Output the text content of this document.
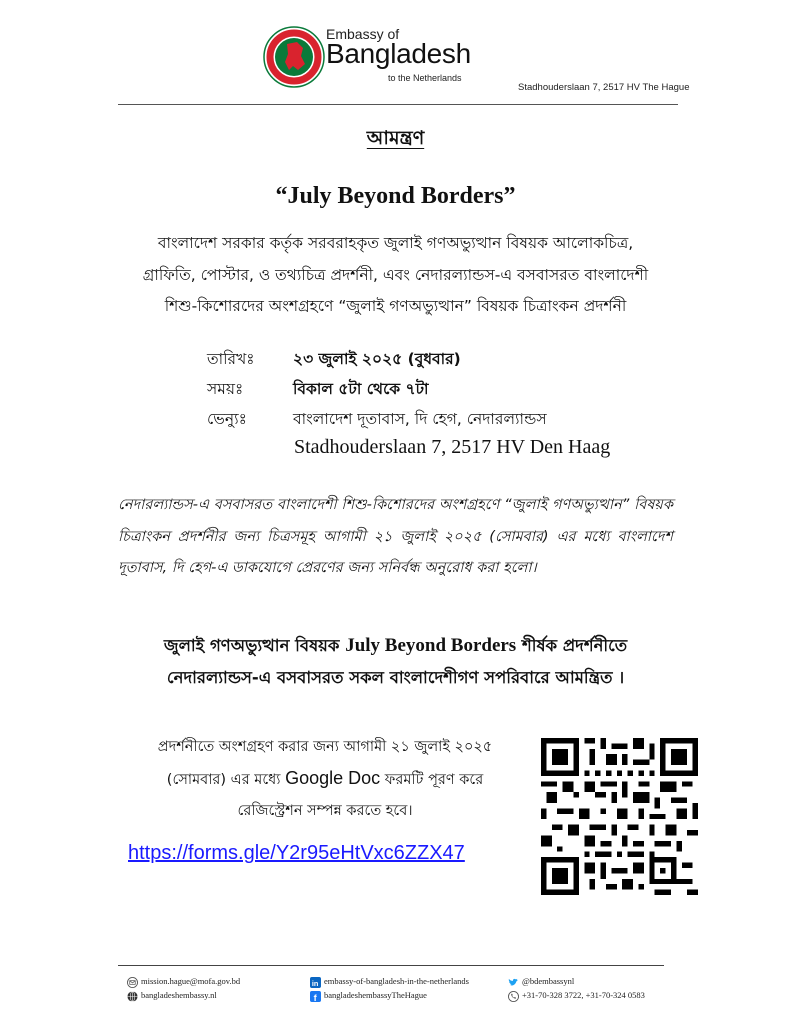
Embassy of
Bangladesh
to the Netherlands
Stadhouderslaan 7, 2517 HV The Hague
আমন্ত্রণ
“July Beyond Borders”
বাংলাদেশ সরকার কর্তৃক সরবরাহকৃত জুলাই গণঅভ্যুত্থান বিষয়ক আলোকচিত্র,
গ্রাফিতি, পোস্টার, ও তথ্যচিত্র প্রদর্শনী, এবং নেদারল্যান্ডস-এ বসবাসরত বাংলাদেশী
শিশু-কিশোরদের অংশগ্রহণে “জুলাই গণঅভ্যুত্থান” বিষয়ক চিত্রাংকন প্রদর্শনী
তারিখঃ ২৩ জুলাই ২০২৫ (বুধবার)
সময়ঃ	বিকাল ৫টা থেকে ৭টা
ভেন্যুঃ	বাংলাদেশ দূতাবাস, দি হেগ, নেদারল্যান্ডস
Stadhouderslaan 7, 2517 HV Den Haag
নেদারল্যান্ডস-এ বসবাসরত বাংলাদেশী শিশু-কিশোরদের অংশগ্রহণে “জুলাই গণঅভ্যুত্থান” বিষয়ক চিত্রাংকন প্রদর্শনীর জন্য চিত্রসমূহ আগামী ২১ জুলাই ২০২৫ (সোমবার) এর মধ্যে বাংলাদেশ দূতাবাস, দি হেগ-এ ডাকযোগে প্রেরণের জন্য সনির্বন্ধ অনুরোধ করা হলো।
জুলাই গণঅভ্যুত্থান বিষয়ক July Beyond Borders শীর্ষক প্রদর্শনীতে
নেদারল্যান্ডস-এ বসবাসরত সকল বাংলাদেশীগণ সপরিবারে আমন্ত্রিত ।
প্রদর্শনীতে অংশগ্রহণ করার জন্য আগামী ২১ জুলাই ২০২৫
(সোমবার) এর মধ্যে Google Doc ফরমটি পূরণ করে
রেজিস্ট্রেশন সম্পন্ন করতে হবে।
https://forms.gle/Y2r95eHtVxc6ZZX47
mission.hague@mofa.gov.bd
bangladeshembassy.nl
in embassy-of-bangladesh-in-the-netherlands
f bangladeshembassyTheHague
@bdembassynl
+31-70-328 3722, +31-70-324 0583
